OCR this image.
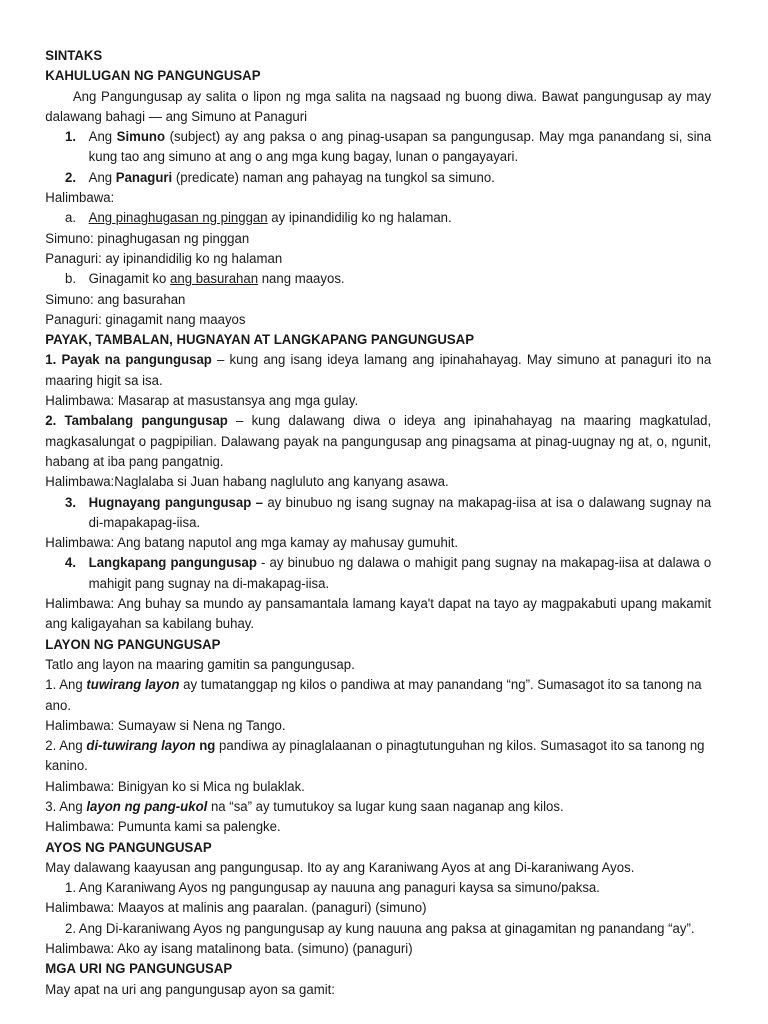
SINTAKS

KAHULUGAN NG PANGUNGUSAP

Ang Pangungusap ay salita o lipon ng mga salita na nagsaad ng buong diwa. Bawat pangungusap ay may dalawang bahagi — ang Simuno at Panaguri

1. Ang Simuno (subject) ay ang paksa o ang pinag-usapan sa pangungusap. May mga panandang si, sina kung tao ang simuno at ang o ang mga kung bagay, lunan o pangayayari.
2. Ang Panaguri (predicate) naman ang pahayag na tungkol sa simuno.

Halimbawa:

a. Ang pinaghugasan ng pinggan ay ipinandidilig ko ng halaman.

Simuno: pinaghugasan ng pinggan

Panaguri: ay ipinandidilig ko ng halaman

b. Ginagamit ko ang basurahan nang maayos.

Simuno: ang basurahan

Panaguri: ginagamit nang maayos

PAYAK, TAMBALAN, HUGNAYAN AT LANGKAPANG PANGUNGUSAP

1. Payak na pangungusap – kung ang isang ideya lamang ang ipinahahayag. May simuno at panaguri ito na maaring higit sa isa.

Halimbawa: Masarap at masustansya ang mga gulay.

2. Tambalang pangungusap – kung dalawang diwa o ideya ang ipinahahayag na maaring magkatulad, magkasalungat o pagpipilian. Dalawang payak na pangungusap ang pinagsama at pinag-uugnay ng at, o, ngunit, habang at iba pang pangatnig.

Halimbawa:Naglalaba si Juan habang nagluluto ang kanyang asawa.

3. Hugnayang pangungusap – ay binubuo ng isang sugnay na makapag-iisa at isa o dalawang sugnay na di-mapakapag-iisa.

Halimbawa: Ang batang naputol ang mga kamay ay mahusay gumuhit.

4. Langkapang pangungusap - ay binubuo ng dalawa o mahigit pang sugnay na makapag-iisa at dalawa o mahigit pang sugnay na di-makapag-iisa.

Halimbawa: Ang buhay sa mundo ay pansamantala lamang kaya't dapat na tayo ay magpakabuti upang makamit ang kaligayahan sa kabilang buhay.

LAYON NG PANGUNGUSAP

Tatlo ang layon na maaring gamitin sa pangungusap.

1. Ang tuwirang layon ay tumatanggap ng kilos o pandiwa at may panandang “ng”. Sumasagot ito sa tanong na ano.

Halimbawa: Sumayaw si Nena ng Tango.

2. Ang di-tuwirang layon ng pandiwa ay pinaglalaanan o pinagtutunguhan ng kilos. Sumasagot ito sa tanong ng kanino.

Halimbawa: Binigyan ko si Mica ng bulaklak.

3. Ang layon ng pang-ukol na “sa” ay tumutukoy sa lugar kung saan naganap ang kilos.

Halimbawa: Pumunta kami sa palengke.

AYOS NG PANGUNGUSAP

May dalawang kaayusan ang pangungusap. Ito ay ang Karaniwang Ayos at ang Di-karaniwang Ayos.

1. Ang Karaniwang Ayos ng pangungusap ay nauuna ang panaguri kaysa sa simuno/paksa.

Halimbawa: Maayos at malinis ang paaralan. (panaguri) (simuno)

2. Ang Di-karaniwang Ayos ng pangungusap ay kung nauuna ang paksa at ginagamitan ng panandang “ay”.

Halimbawa: Ako ay isang matalinong bata. (simuno) (panaguri)

MGA URI NG PANGUNGUSAP

May apat na uri ang pangungusap ayon sa gamit:
